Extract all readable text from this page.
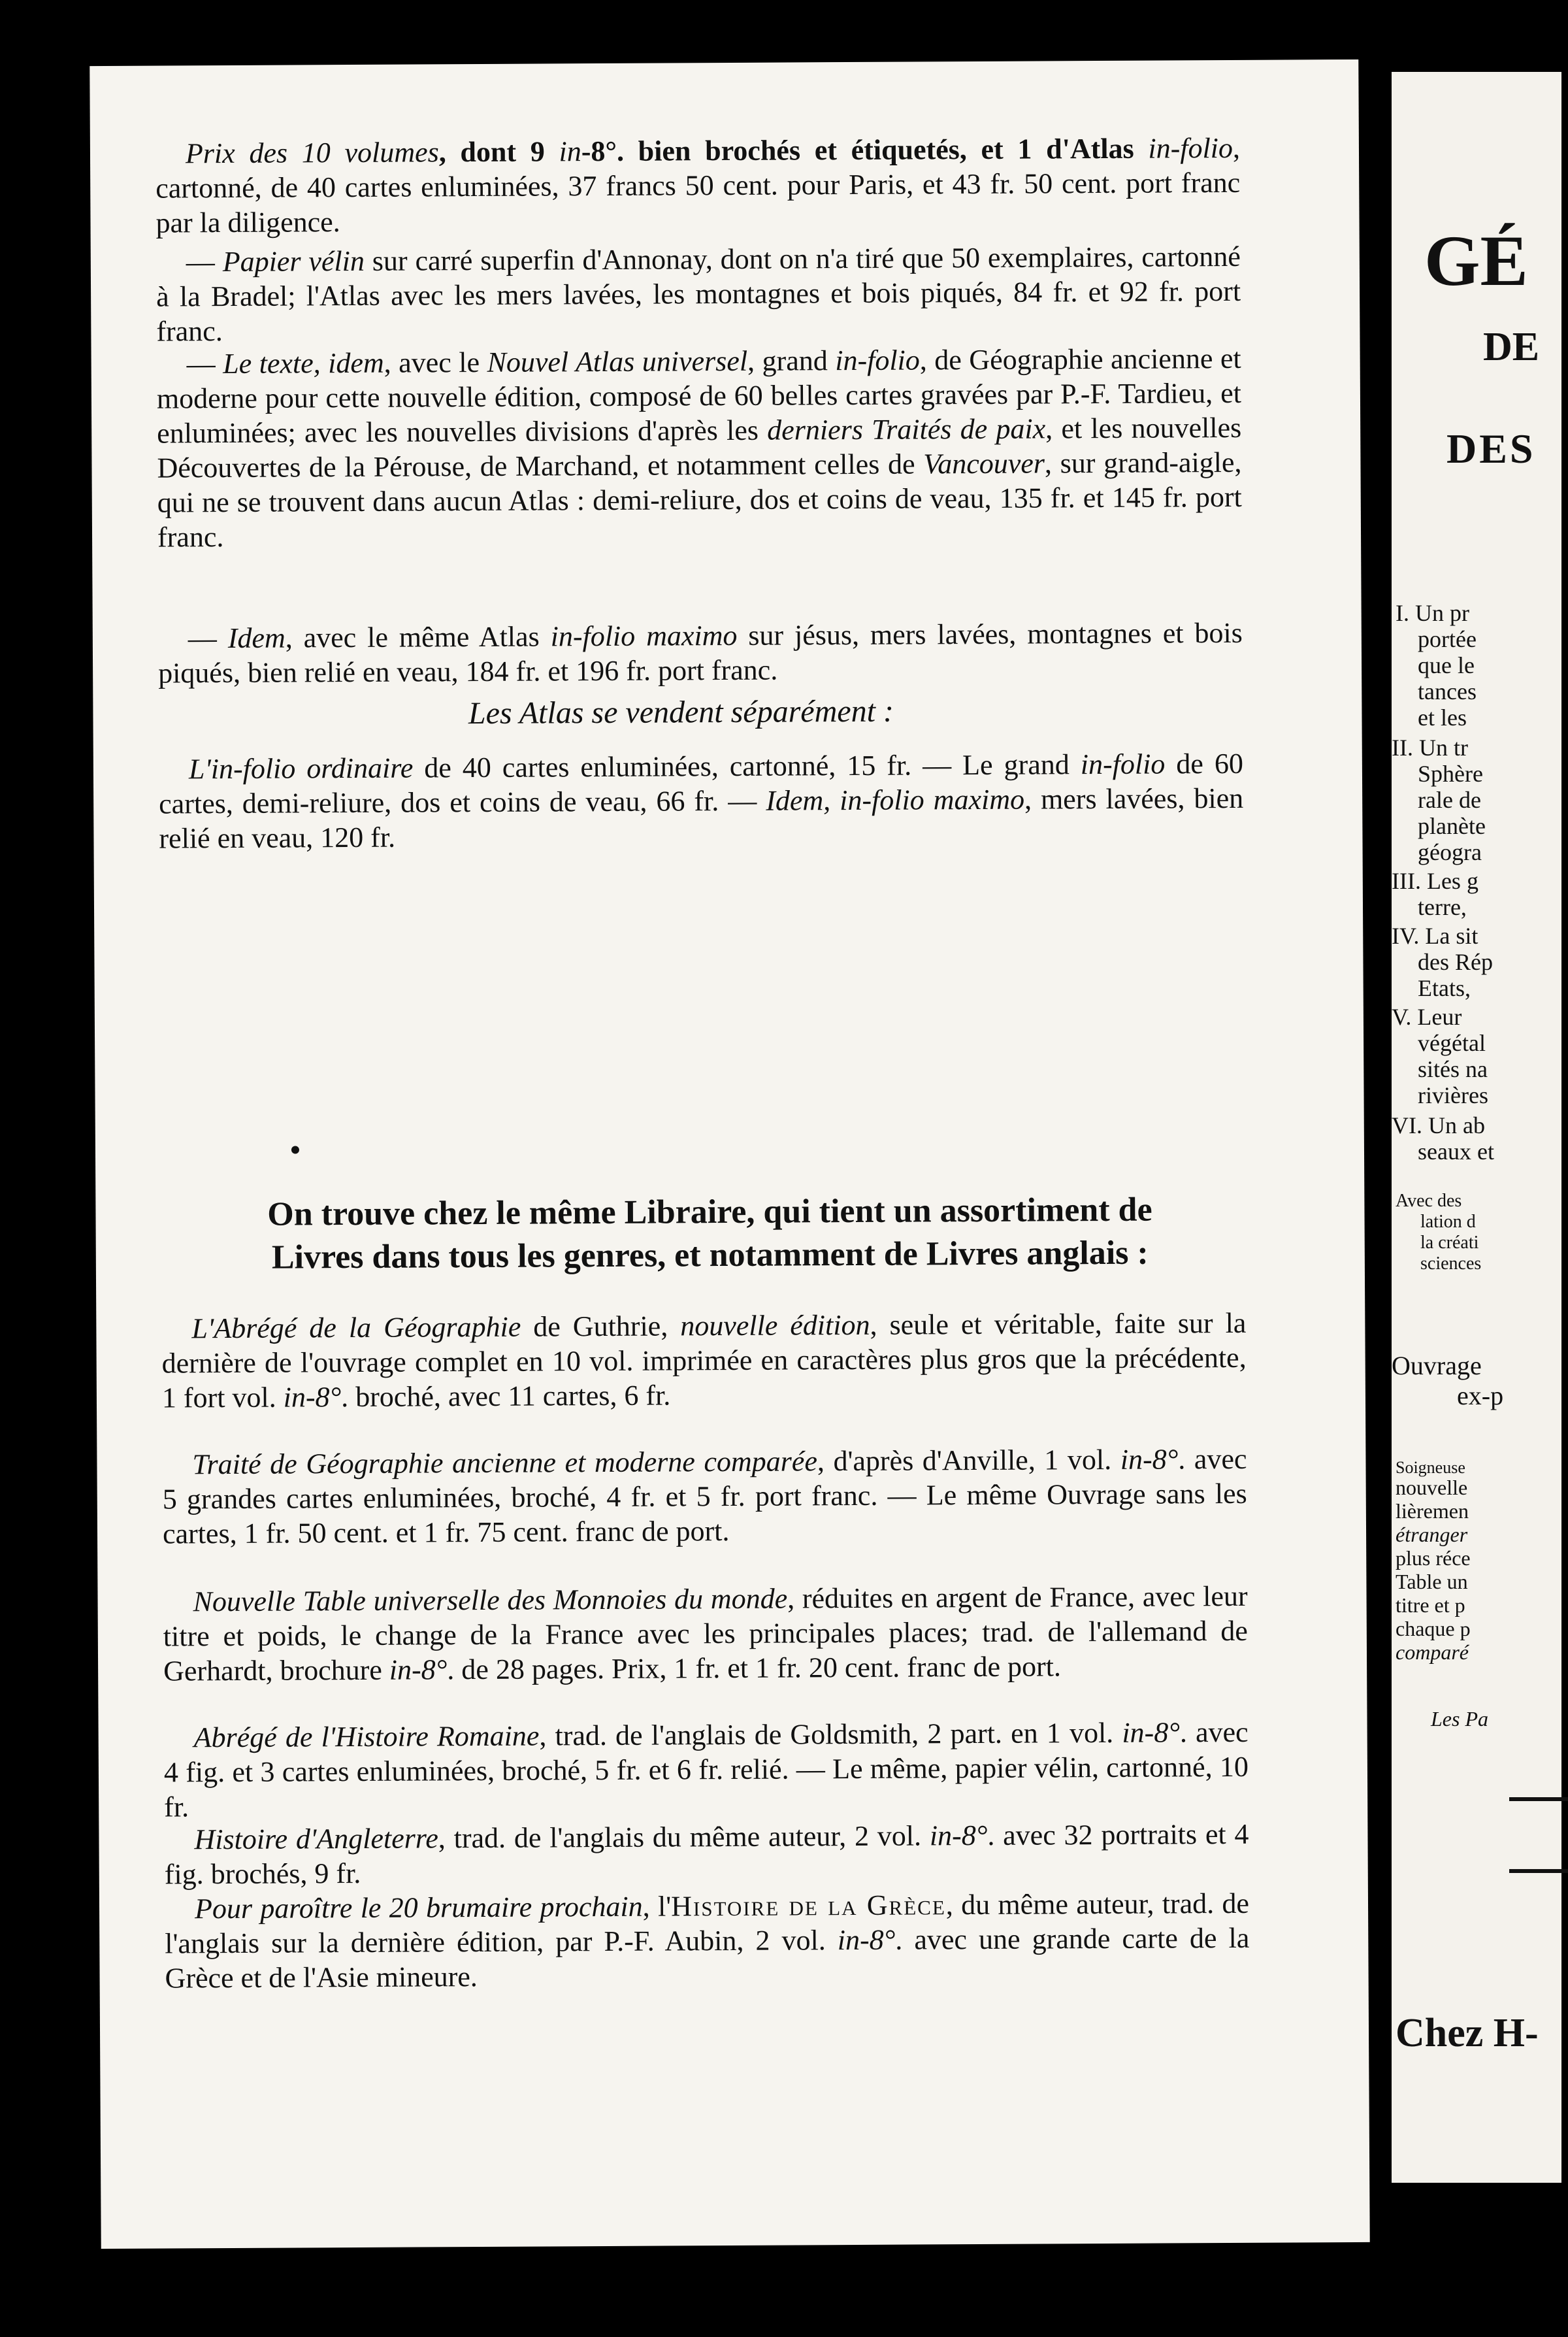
Prix des 10 volumes, dont 9 in-8°. bien brochés et étiquetés, et 1 d'Atlas in-folio, cartonné, de 40 cartes enluminées, 37 francs 50 cent. pour Paris, et 43 fr. 50 cent. port franc par la diligence.

— Papier vélin sur carré superfin d'Annonay, dont on n'a tiré que 50 exemplaires, cartonné à la Bradel; l'Atlas avec les mers lavées, les montagnes et bois piqués, 84 fr. et 92 fr. port franc.

— Le texte, idem, avec le Nouvel Atlas universel, grand in-folio, de Géographie ancienne et moderne pour cette nouvelle édition, composé de 60 belles cartes gravées par P.-F. Tardieu, et enluminées; avec les nouvelles divisions d'après les derniers Traités de paix, et les nouvelles Découvertes de la Pérouse, de Marchand, et notamment celles de Vancouver, sur grand-aigle, qui ne se trouvent dans aucun Atlas : demi-reliure, dos et coins de veau, 135 fr. et 145 fr. port franc.

— Idem, avec le même Atlas in-folio maximo sur jésus, mers lavées, montagnes et bois piqués, bien relié en veau, 184 fr. et 196 fr. port franc.

Les Atlas se vendent séparément :

L'in-folio ordinaire de 40 cartes enluminées, cartonné, 15 fr. — Le grand in-folio de 60 cartes, demi-reliure, dos et coins de veau, 66 fr. — Idem, in-folio maximo, mers lavées, bien relié en veau, 120 fr.

On trouve chez le même Libraire, qui tient un assortiment de
Livres dans tous les genres, et notamment de Livres anglais :

L'Abrégé de la Géographie de Guthrie, nouvelle édition, seule et véritable, faite sur la dernière de l'ouvrage complet en 10 vol. imprimée en caractères plus gros que la précédente, 1 fort vol. in-8°. broché, avec 11 cartes, 6 fr.

Traité de Géographie ancienne et moderne comparée, d'après d'Anville, 1 vol. in-8°. avec 5 grandes cartes enluminées, broché, 4 fr. et 5 fr. port franc. — Le même Ouvrage sans les cartes, 1 fr. 50 cent. et 1 fr. 75 cent. franc de port.

Nouvelle Table universelle des Monnoies du monde, réduites en argent de France, avec leur titre et poids, le change de la France avec les principales places; trad. de l'allemand de Gerhardt, brochure in-8°. de 28 pages. Prix, 1 fr. et 1 fr. 20 cent. franc de port.

Abrégé de l'Histoire Romaine, trad. de l'anglais de Goldsmith, 2 part. en 1 vol. in-8°. avec 4 fig. et 3 cartes enluminées, broché, 5 fr. et 6 fr. relié. — Le même, papier vélin, cartonné, 10 fr.

Histoire d'Angleterre, trad. de l'anglais du même auteur, 2 vol. in-8°. avec 32 portraits et 4 fig. brochés, 9 fr.

Pour paroître le 20 brumaire prochain, l'Histoire de la Grèce, du même auteur, trad. de l'anglais sur la dernière édition, par P.-F. Aubin, 2 vol. in-8°. avec une grande carte de la Grèce et de l'Asie mineure.

GÉ
DE
DES
I. Un pr
portée
que le
tances
et les
II. Un tr
Sphère
rale de
planète
géogra
III. Les g
terre,
IV. La sit
des Rép
Etats,
V. Leur
végétal
sités na
rivières
VI. Un ab
seaux et
Avec des
lation d
la créati
sciences
Ouvrage
ex-p
Soigneuse
nouvelle
lièremen
étranger
plus réce
Table un
titre et p
chaque p
comparé
Les Pa
Chez H-
